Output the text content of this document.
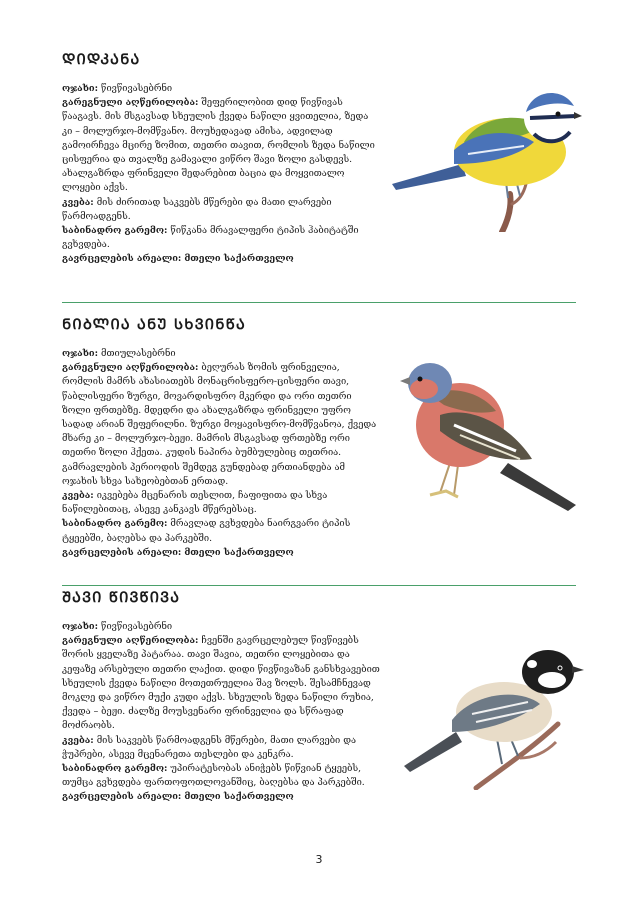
ᲓᲘᲓᲙᲐᲜᲐ

ოჯახი: წივწივასებრნი

გარეგნული აღწერილობა: შეფერილობით დიდ წივწივას წააგავს. მის მსგავსად სხეულის ქვედა ნაწილი ყვითელია, ზედა კი – მოლურჯო-მომწვანო. მოუხედავად ამისა, ადვილად გამოირჩევა მცირე ზომით, თეთრი თავით, რომლის ზედა ნაწილი ცისფერია და თვალზე გამავალი ვიწრო შავი ზოლი გასდევს. ახალგაზრდა ფრინველი შედარებით ბაცია და მოყვითალო ლოყები აქვს.

კვება: მის ძირითად საკვებს მწერები და მათი ლარვები წარმოადგენს.

საბინადრო გარემო: წიწკანა მრავალფერი ტიპის ჰაბიტატში გვხვდება.

გავრცელების არეალი: მთელი საქართველო

ᲜᲘᲑᲚᲘᲐ ᲐᲜᲣ ᲡᲮᲕᲘᲜᲬᲐ

ოჯახი: მთიულასებრნი

გარეგნული აღწერილობა: ბეღურას ზომის ფრინველია, რომლის მამრს ახასიათებს მონაცრისფერო-ცისფერი თავი, წაბლისფერი ზურგი, მოვარდისფრო მკერდი და ორი თეთრი ზოლი ფრთებზე. მდედრი და ახალგაზრდა ფრინველი უფრო სადად არიან შეფერილნი. ზურგი მოყავისფრო-მომწვანოა, ქვედა მხარე კი – მოლურჯო-ბეჟი. მამრის მსგავსად ფრთებზე ორი თეთრი ზოლი ჰქეთა. კუდის ნაპირა ბუმბულებიც თეთრია. გამრავლების პერიოდის შემდეგ გუნდებად ერთიანდება ამ ოჯახის სხვა სახეობებთან ერთად.

კვება: იკვებება მცენარის თესლით, ჩაფიფითა და სხვა ნაწილებითაც, ასევე კანკავს მწერებსაც.

საბინადრო გარემო: მრავლად გვხვდება ნაირგვარი ტიპის ტყეებში, ბაღებსა და პარკებში.

გავრცელების არეალი: მთელი საქართველო

ᲨᲐᲕᲘ ᲬᲘᲕᲬᲘᲕᲐ

ოჯახი: წივწივასებრნი

გარეგნული აღწერილობა: ჩვენში გავრცელებულ წივწივებს შორის ყველაზე პატარაა. თავი შავია, თეთრი ლოყებითა და კეფაზე არსებული თეთრი ლაქით. დიდი წივწივაზან განსხვავებით სხეულის ქვედა ნაწილი მოთეთრუელია შავ ზოლს. შესამჩნევად მოკლე და ვიწრო მუქი კუდი აქვს. სხეულის ზედა ნაწილი რუხია, ქვედა – ბეჟი. ძალზე მოუსვენარი ფრინველია და სწრაფად მოძრაობს.

კვება: მის საკვებს წარმოადგენს მწერები, მათი ლარვები და ჭუპრები, ასევე მცენარეთა თესლები და კენკრა.

საბინადრო გარემო: უპირატესობას ანიჭებს წიწვიან ტყეებს, თუმცა გვხვდება ფართოფოთლოვანშიც, ბაღებსა და პარკებში.

გავრცელების არეალი: მთელი საქართველო

3
